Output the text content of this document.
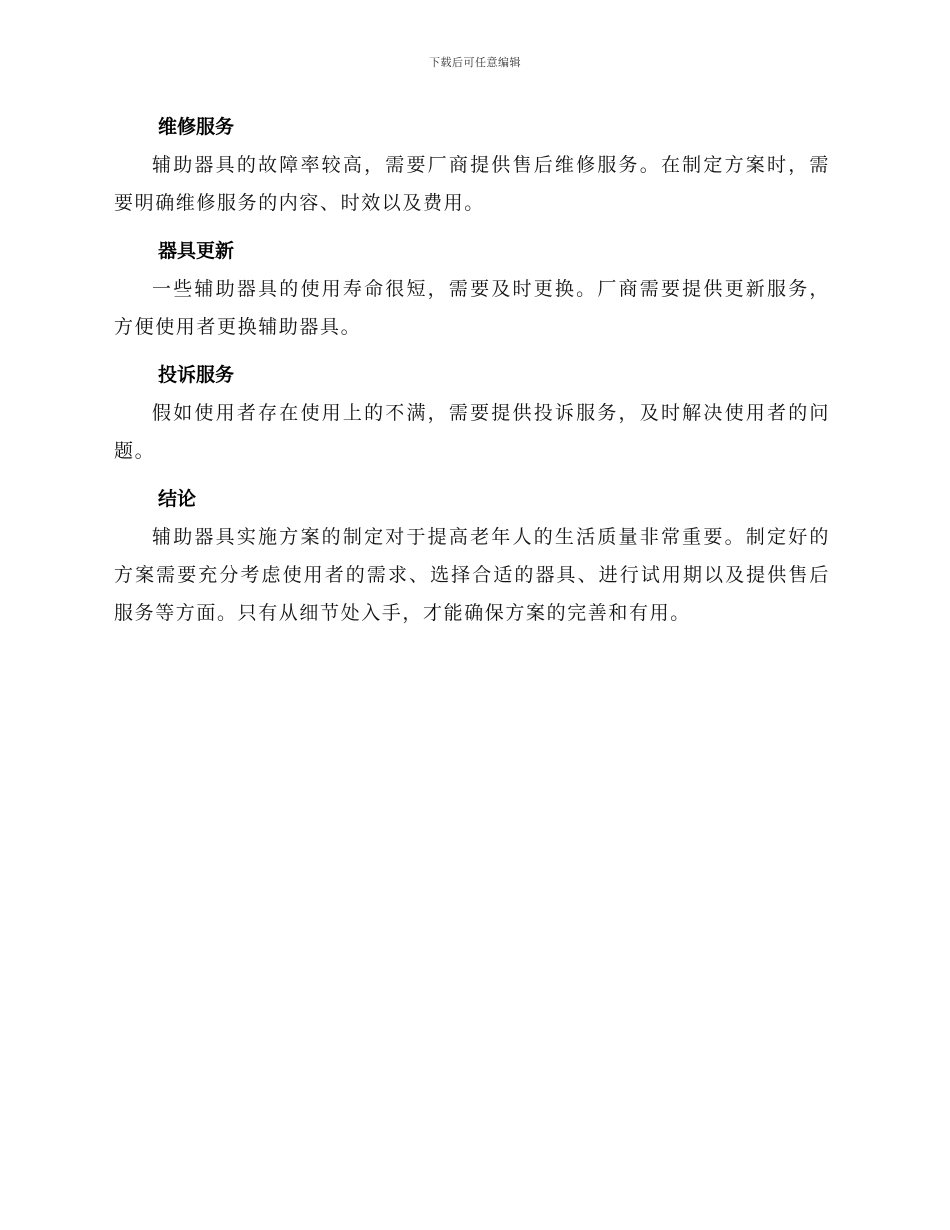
下载后可任意编辑
维修服务

辅助器具的故障率较高，需要厂商提供售后维修服务。在制定方案时，需要明确维修服务的内容、时效以及费用。

器具更新

一些辅助器具的使用寿命很短，需要及时更换。厂商需要提供更新服务，方便使用者更换辅助器具。

投诉服务

假如使用者存在使用上的不满，需要提供投诉服务，及时解决使用者的问题。

结论

辅助器具实施方案的制定对于提高老年人的生活质量非常重要。制定好的方案需要充分考虑使用者的需求、选择合适的器具、进行试用期以及提供售后服务等方面。只有从细节处入手，才能确保方案的完善和有用。
